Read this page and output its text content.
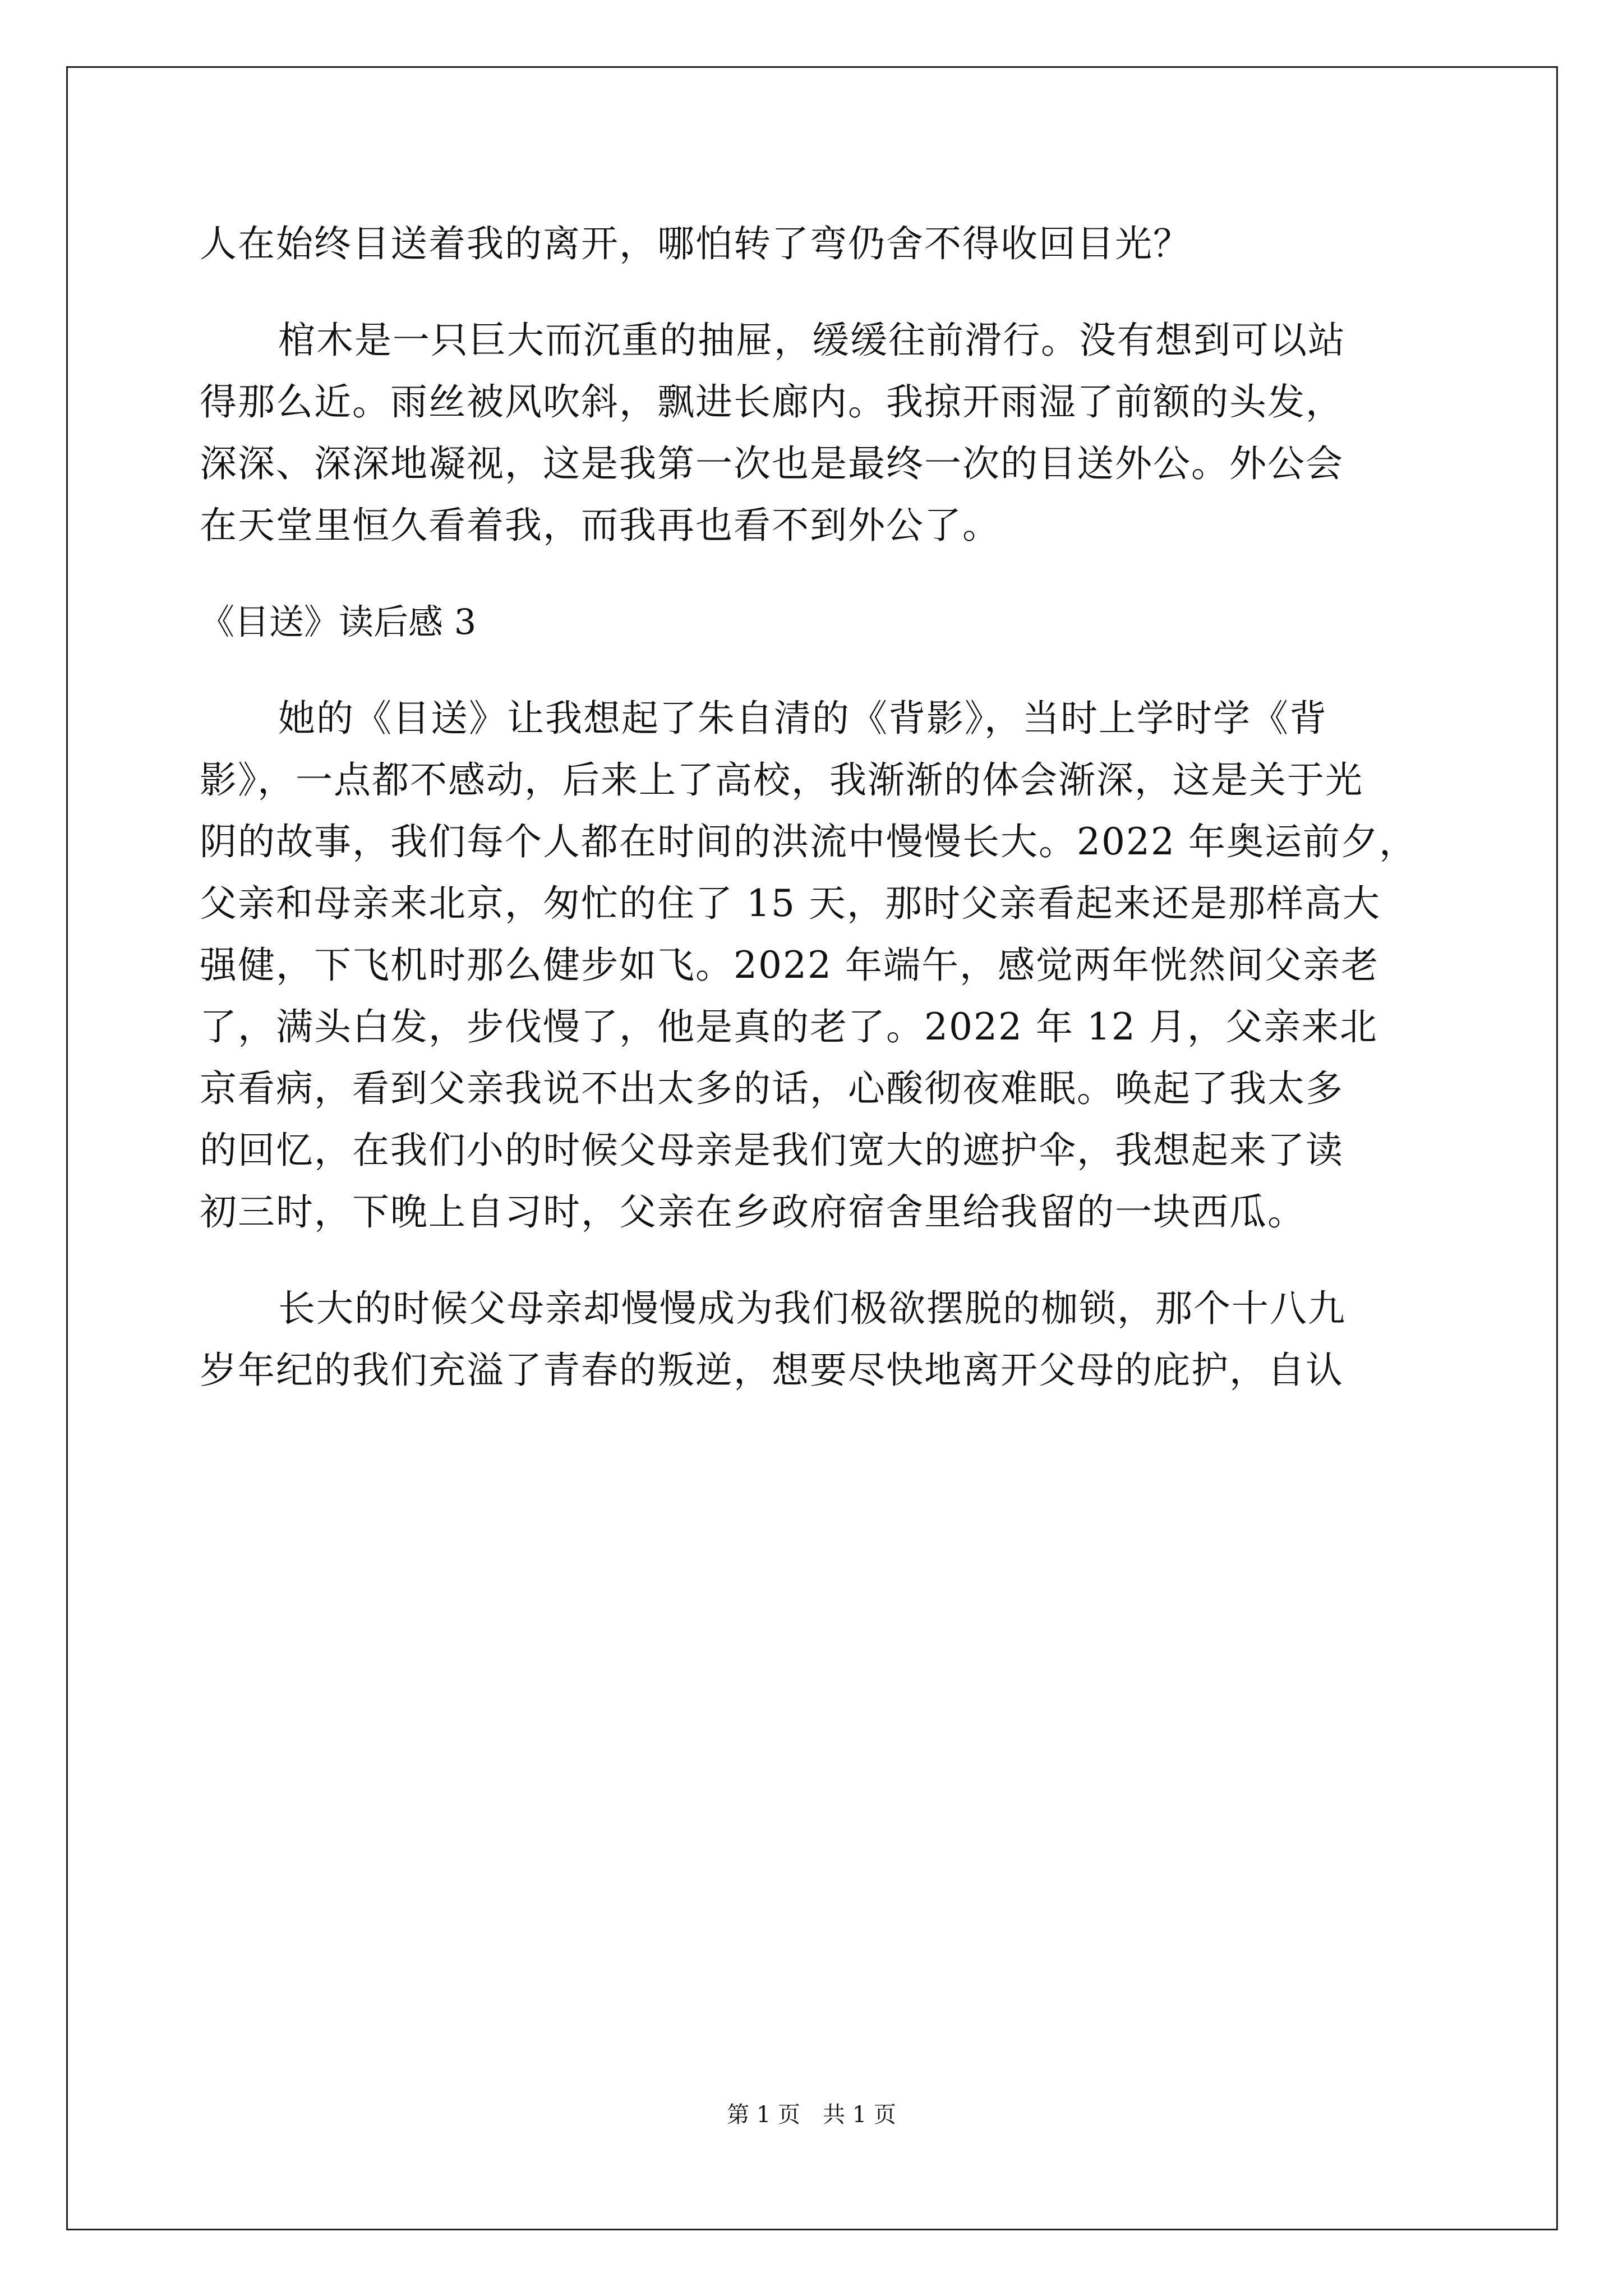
人在始终目送着我的离开，哪怕转了弯仍舍不得收回目光？
棺木是一只巨大而沉重的抽屉，缓缓往前滑行。没有想到可以站
得那么近。雨丝被风吹斜，飘进长廊内。我掠开雨湿了前额的头发，
深深、深深地凝视，这是我第一次也是最终一次的目送外公。外公会
在天堂里恒久看着我，而我再也看不到外公了。
《目送》读后感 3
她的《目送》让我想起了朱自清的《背影》，当时上学时学《背
影》，一点都不感动，后来上了高校，我渐渐的体会渐深，这是关于光
阴的故事，我们每个人都在时间的洪流中慢慢长大。2022 年奥运前夕，
父亲和母亲来北京，匆忙的住了 15 天，那时父亲看起来还是那样高大
强健，下飞机时那么健步如飞。2022 年端午，感觉两年恍然间父亲老
了，满头白发，步伐慢了，他是真的老了。2022 年 12 月，父亲来北
京看病，看到父亲我说不出太多的话，心酸彻夜难眠。唤起了我太多
的回忆，在我们小的时候父母亲是我们宽大的遮护伞，我想起来了读
初三时，下晚上自习时，父亲在乡政府宿舍里给我留的一块西瓜。
长大的时候父母亲却慢慢成为我们极欲摆脱的枷锁，那个十八九
岁年纪的我们充溢了青春的叛逆，想要尽快地离开父母的庇护，自认
第 1 页　共 1 页
